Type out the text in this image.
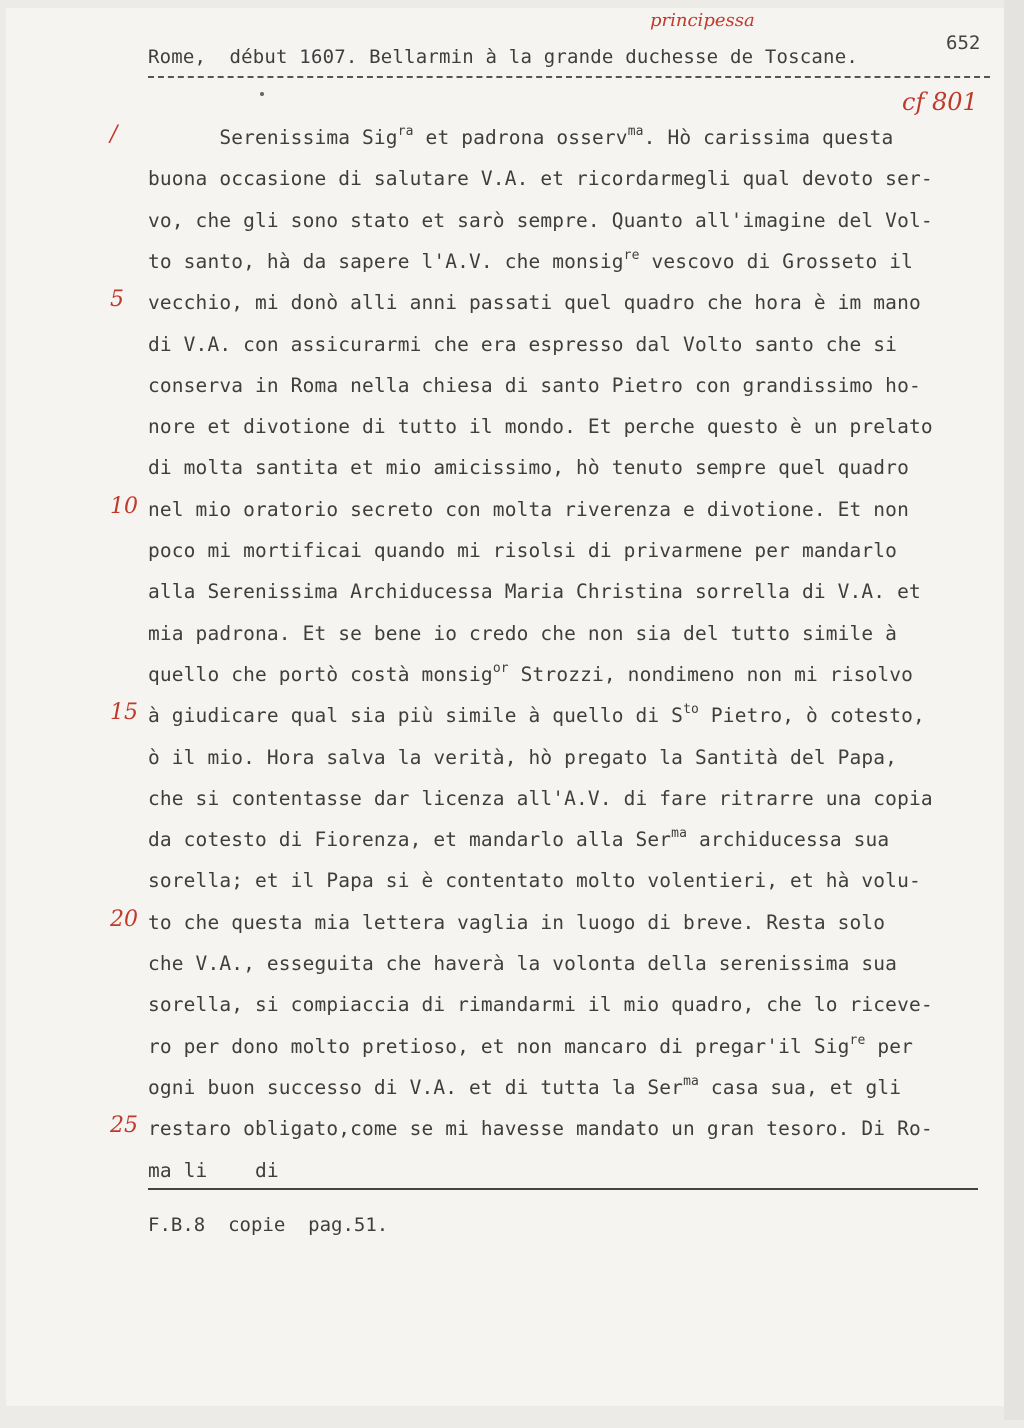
principessa
652
Rome,  début 1607. Bellarmin à la grande duchesse de Toscane.
cf 801
Serenissima Sig$^{ra}$ et padrona osserv$^{ma}$. Hò carissima questa
buona occasione di salutare V.A. et ricordarmegli qual devoto ser-
vo, che gli sono stato et sarò sempre. Quanto all'imagine del Vol-
to santo, hà da sapere l'A.V. che monsig$^{re}$ vescovo di Grosseto il
vecchio, mi donò alli anni passati quel quadro che hora è im mano
di V.A. con assicurarmi che era espresso dal Volto santo che si
conserva in Roma nella chiesa di santo Pietro con grandissimo ho-
nore et divotione di tutto il mondo. Et perche questo è un prelato
di molta santita et mio amicissimo, hò tenuto sempre quel quadro
nel mio oratorio secreto con molta riverenza e divotione. Et non
poco mi mortificai quando mi risolsi di privarmene per mandarlo
alla Serenissima Archiducessa Maria Christina sorrella di V.A. et
mia padrona. Et se bene io credo che non sia del tutto simile à
quello che portò costà monsig$^{or}$ Strozzi, nondimeno non mi risolvo
à giudicare qual sia più simile à quello di $S^{to}$ Pietro, ò cotesto,
ò il mio. Hora salva la verità, hò pregato la Santità del Papa,
che si contentasse dar licenza all'A.V. di fare ritrarre una copia
da cotesto di Fiorenza, et mandarlo alla Ser$^{ma}$ archiducessa sua
sorella; et il Papa si è contentato molto volentieri, et hà volu-
to che questa mia lettera vaglia in luogo di breve. Resta solo
che V.A., esseguita che haverà la volonta della serenissima sua
sorella, si compiaccia di rimandarmi il mio quadro, che lo riceve-
ro per dono molto pretioso, et non mancaro di pregar'il Sig$^{re}$ per
ogni buon successo di V.A. et di tutta la Ser$^{ma}$ casa sua, et gli
restaro obligato,come se mi havesse mandato un gran tesoro. Di Ro-
ma li    di
/
5
10
15
20
25
F.B.8  copie  pag.51.
